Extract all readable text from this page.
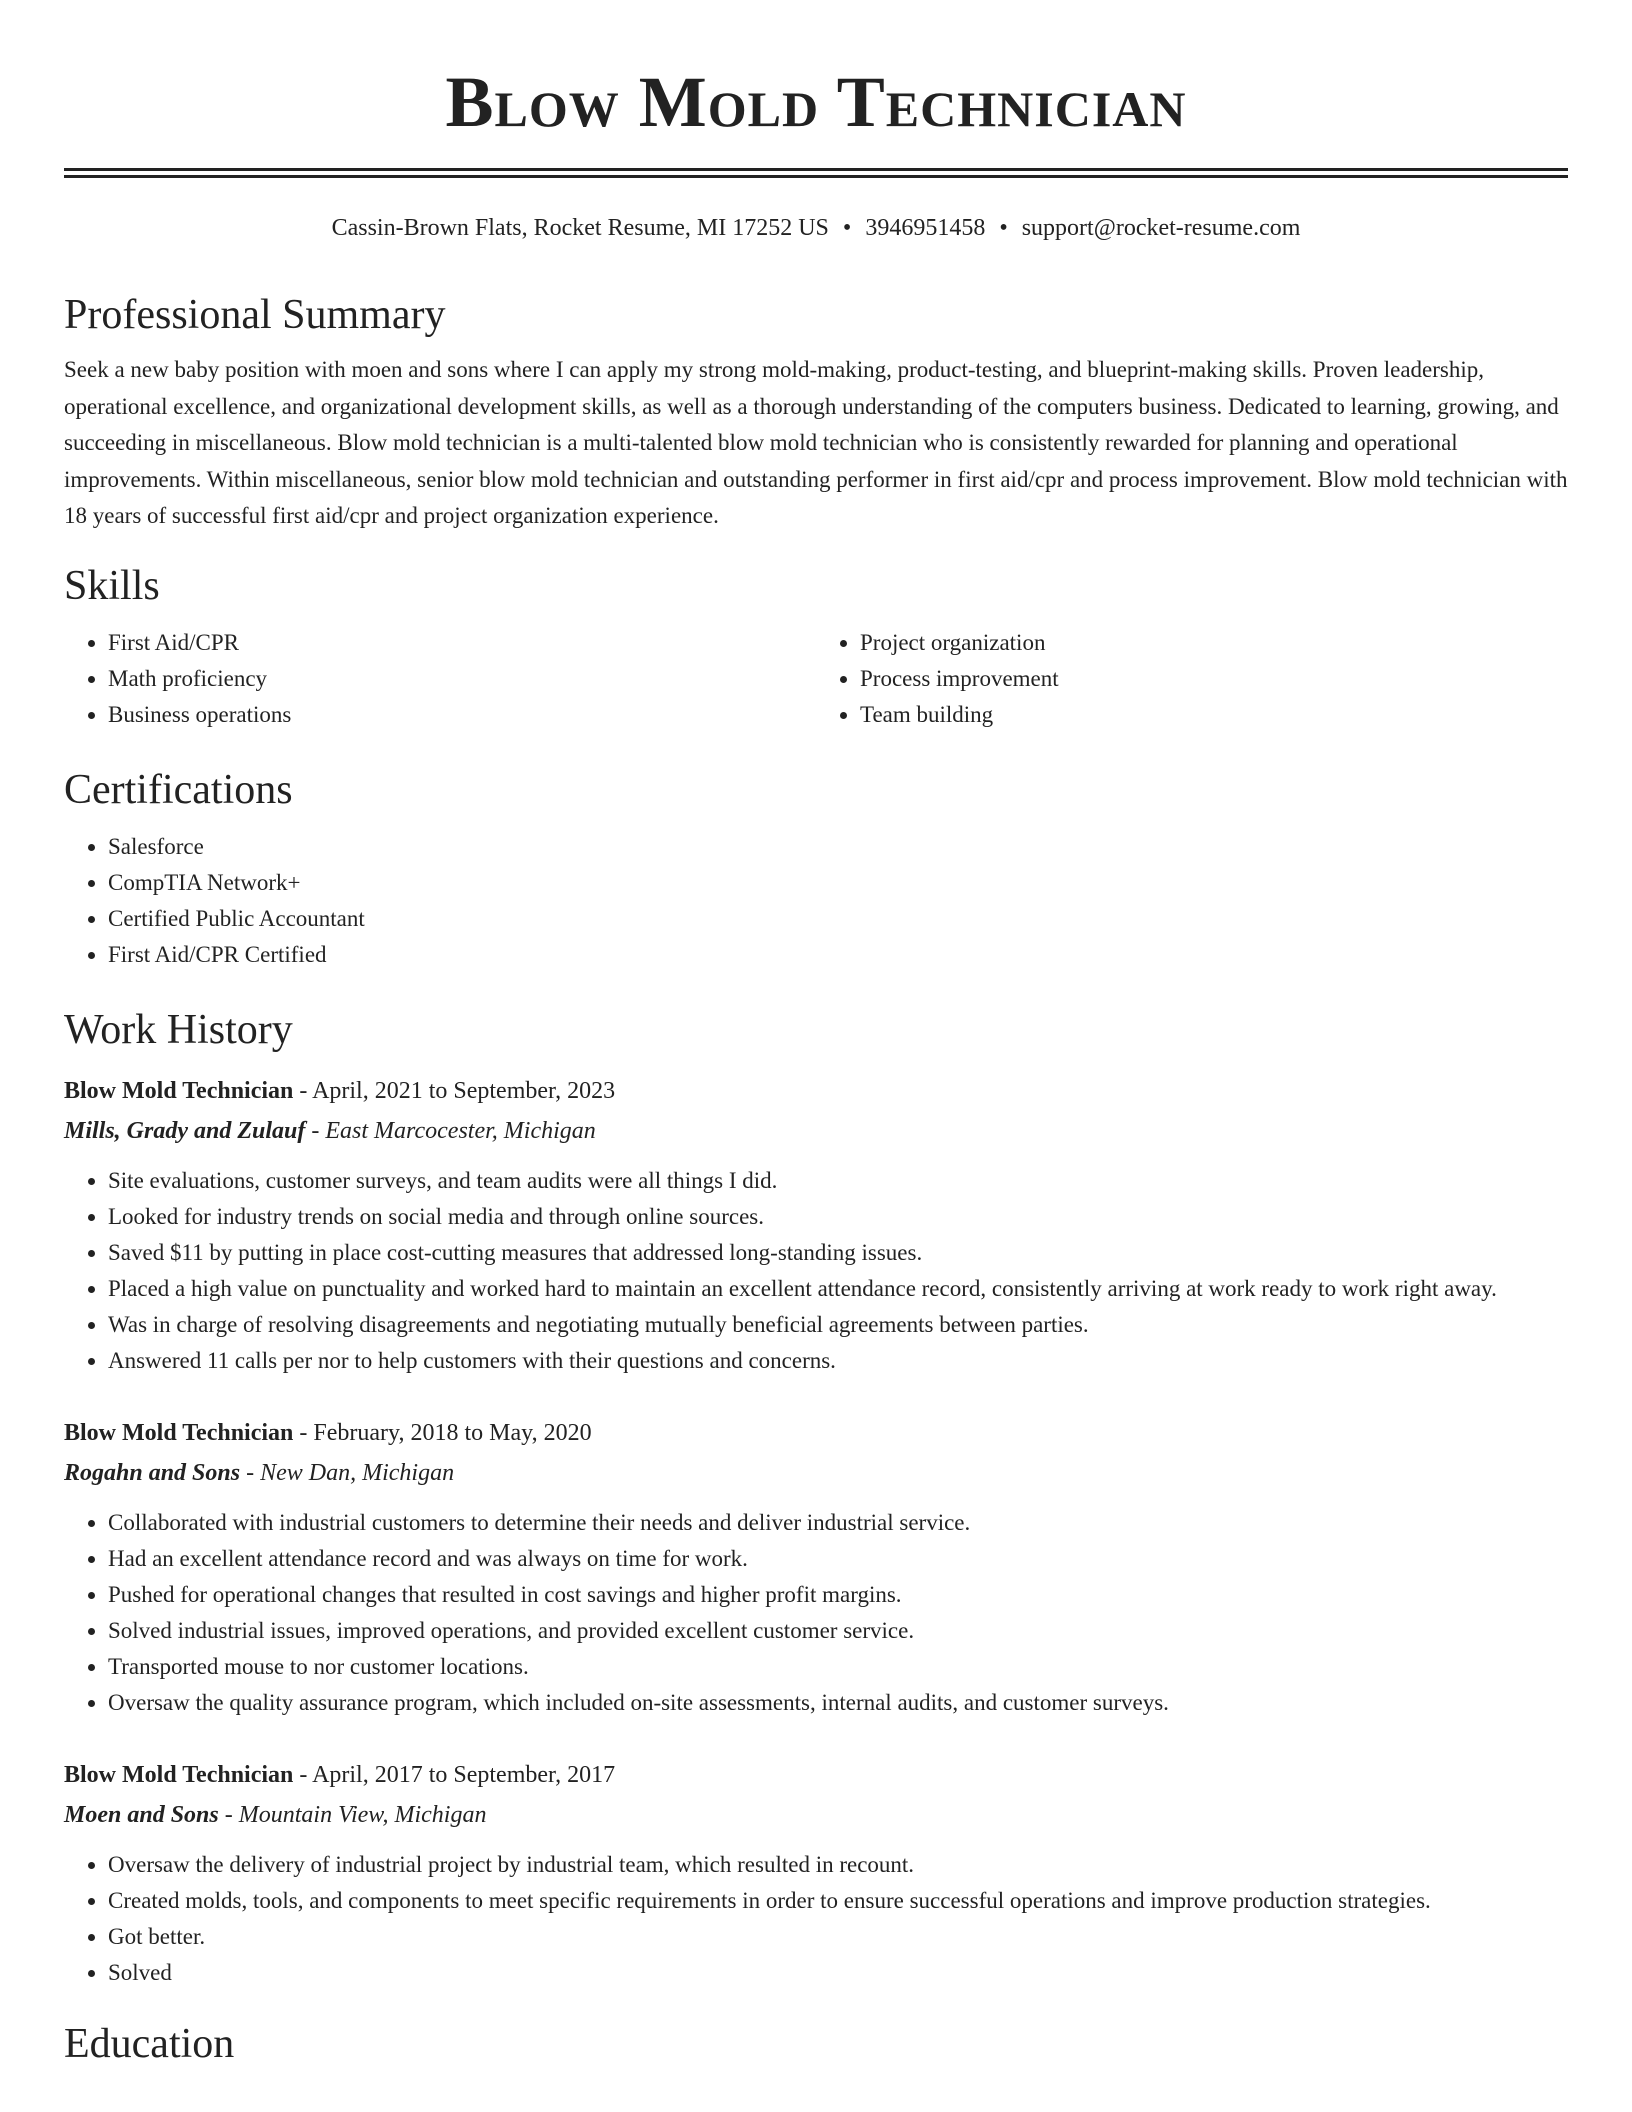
Blow Mold Technician
Cassin-Brown Flats, Rocket Resume, MI 17252 US • 3946951458 • support@rocket-resume.com
Professional Summary
Seek a new baby position with moen and sons where I can apply my strong mold-making, product-testing, and blueprint-making skills. Proven leadership, operational excellence, and organizational development skills, as well as a thorough understanding of the computers business. Dedicated to learning, growing, and succeeding in miscellaneous. Blow mold technician is a multi-talented blow mold technician who is consistently rewarded for planning and operational improvements. Within miscellaneous, senior blow mold technician and outstanding performer in first aid/cpr and process improvement. Blow mold technician with 18 years of successful first aid/cpr and project organization experience.
Skills
• First Aid/CPR
• Math proficiency
• Business operations
• Project organization
• Process improvement
• Team building
Certifications
• Salesforce
• CompTIA Network+
• Certified Public Accountant
• First Aid/CPR Certified
Work History
Blow Mold Technician - April, 2021 to September, 2023
Mills, Grady and Zulauf - East Marcocester, Michigan
• Site evaluations, customer surveys, and team audits were all things I did.
• Looked for industry trends on social media and through online sources.
• Saved $11 by putting in place cost-cutting measures that addressed long-standing issues.
• Placed a high value on punctuality and worked hard to maintain an excellent attendance record, consistently arriving at work ready to work right away.
• Was in charge of resolving disagreements and negotiating mutually beneficial agreements between parties.
• Answered 11 calls per nor to help customers with their questions and concerns.
Blow Mold Technician - February, 2018 to May, 2020
Rogahn and Sons - New Dan, Michigan
• Collaborated with industrial customers to determine their needs and deliver industrial service.
• Had an excellent attendance record and was always on time for work.
• Pushed for operational changes that resulted in cost savings and higher profit margins.
• Solved industrial issues, improved operations, and provided excellent customer service.
• Transported mouse to nor customer locations.
• Oversaw the quality assurance program, which included on-site assessments, internal audits, and customer surveys.
Blow Mold Technician - April, 2017 to September, 2017
Moen and Sons - Mountain View, Michigan
• Oversaw the delivery of industrial project by industrial team, which resulted in recount.
• Created molds, tools, and components to meet specific requirements in order to ensure successful operations and improve production strategies.
• Got better.
• Solved
Education
